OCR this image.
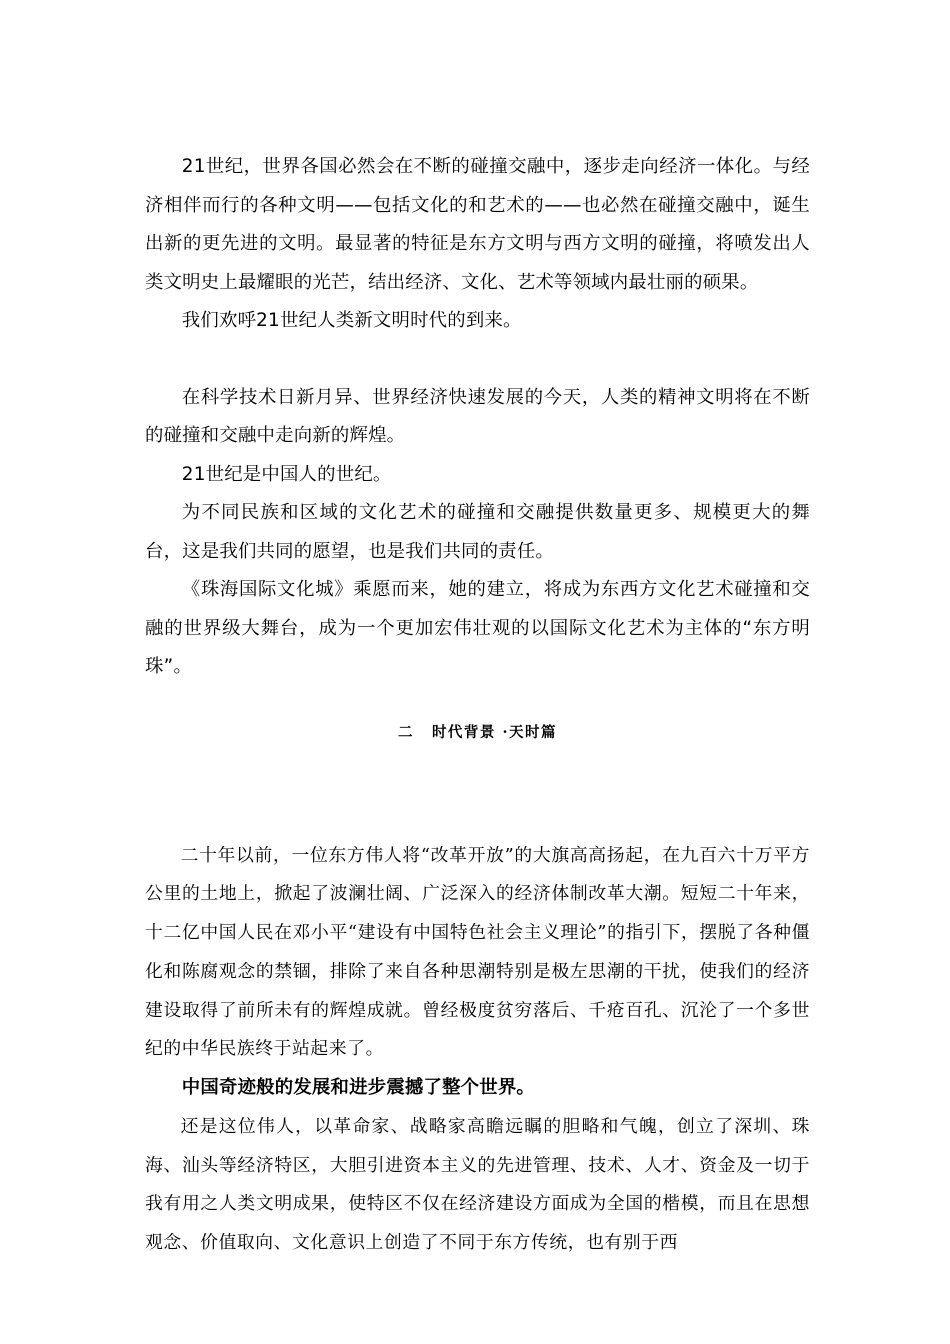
21世纪，世界各国必然会在不断的碰撞交融中，逐步走向经济一体化。与经济相伴而行的各种文明——包括文化的和艺术的——也必然在碰撞交融中，诞生出新的更先进的文明。最显著的特征是东方文明与西方文明的碰撞，将喷发出人类文明史上最耀眼的光芒，结出经济、文化、艺术等领域内最壮丽的硕果。

我们欢呼21世纪人类新文明时代的到来。

在科学技术日新月异、世界经济快速发展的今天，人类的精神文明将在不断的碰撞和交融中走向新的辉煌。

21世纪是中国人的世纪。

为不同民族和区域的文化艺术的碰撞和交融提供数量更多、规模更大的舞台，这是我们共同的愿望，也是我们共同的责任。

《珠海国际文化城》乘愿而来，她的建立，将成为东西方文化艺术碰撞和交融的世界级大舞台，成为一个更加宏伟壮观的以国际文化艺术为主体的“东方明珠”。

二 时代背景 ·天时篇

二十年以前，一位东方伟人将“改革开放”的大旗高高扬起，在九百六十万平方公里的土地上，掀起了波澜壮阔、广泛深入的经济体制改革大潮。短短二十年来，十二亿中国人民在邓小平“建设有中国特色社会主义理论”的指引下，摆脱了各种僵化和陈腐观念的禁锢，排除了来自各种思潮特别是极左思潮的干扰，使我们的经济建设取得了前所未有的辉煌成就。曾经极度贫穷落后、千疮百孔、沉沦了一个多世纪的中华民族终于站起来了。

中国奇迹般的发展和进步震撼了整个世界。

还是这位伟人，以革命家、战略家高瞻远瞩的胆略和气魄，创立了深圳、珠海、汕头等经济特区，大胆引进资本主义的先进管理、技术、人才、资金及一切于我有用之人类文明成果，使特区不仅在经济建设方面成为全国的楷模，而且在思想观念、价值取向、文化意识上创造了不同于东方传统，也有别于西
